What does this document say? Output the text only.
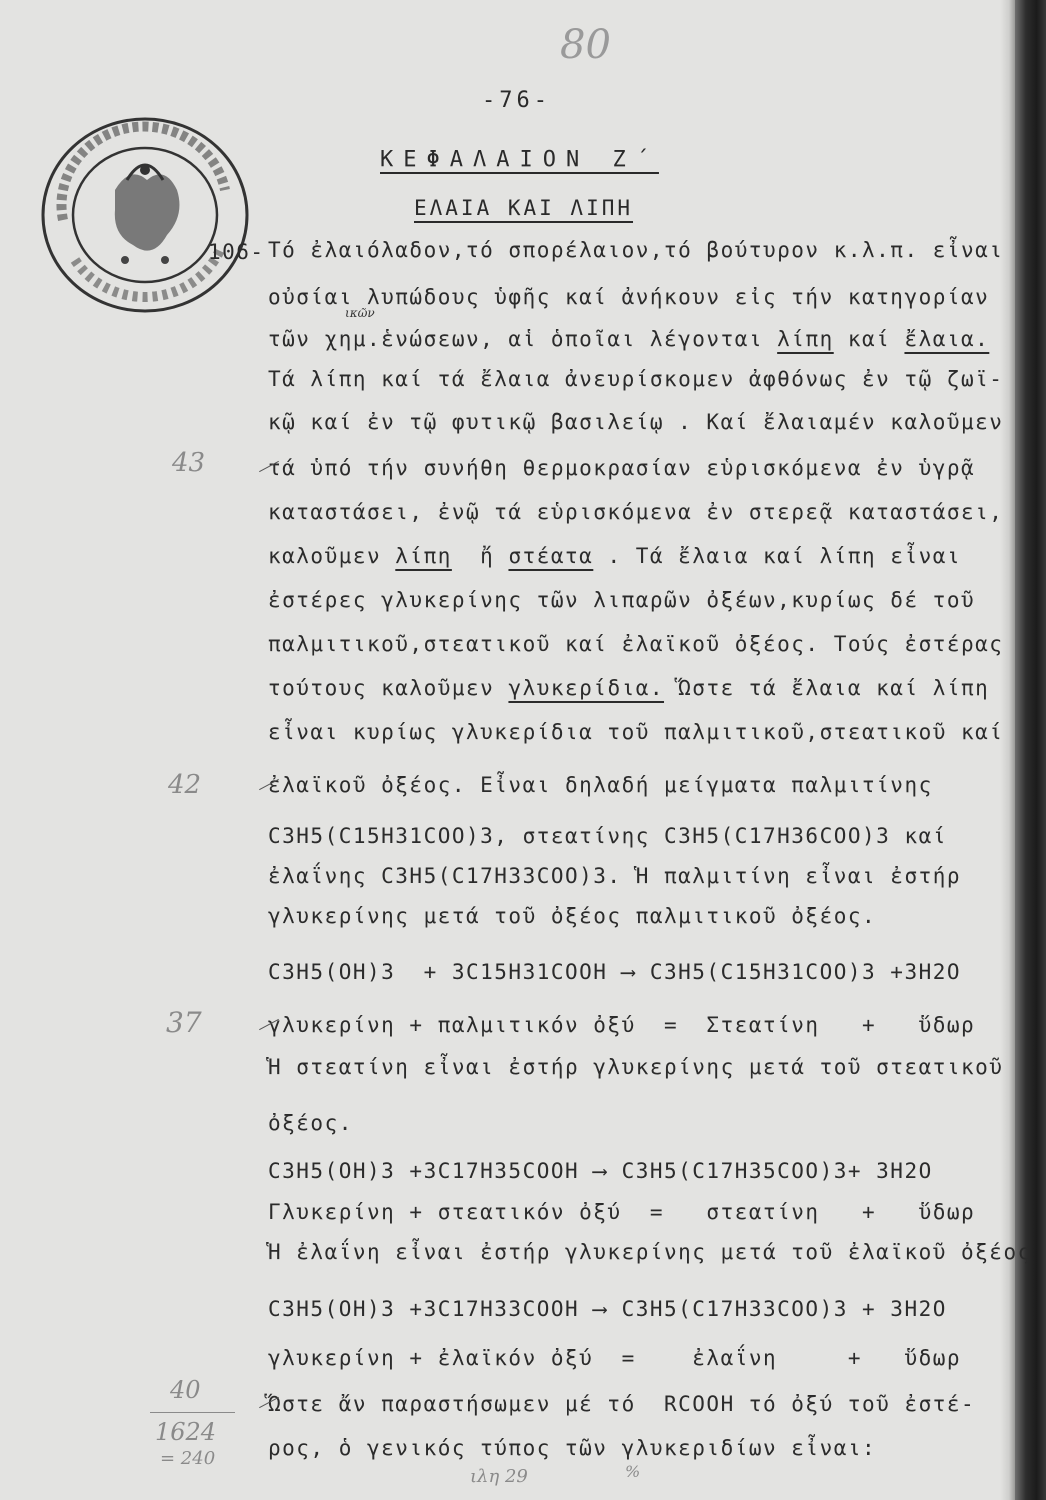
80
-76-
ΚΕΦΑΛΑΙΟΝ Ζ΄
ΕΛΑΙΑ ΚΑΙ ΛΙΠΗ
106- Τό ἐλαιόλαδον,τό σπορέλαιον,τό βούτυρον κ.λ.π. εἶναι
οὐσίαι λυπώδους ὑφῆς καί ἀνήκουν εἰς τήν κατηγορίαν
ικῶν
τῶν χημ.ἑνώσεων, αἱ ὁποῖαι λέγονται λίπη καί ἔλαια.
Τά λίπη καί τά ἔλαια ἀνευρίσκομεν ἀφθόνως ἐν τῷ ζωϊ-
κῷ καί ἐν τῷ φυτικῷ βασιλείῳ . Καί ἔλαιαμέν καλοῦμεν
τά ὑπό τήν συνήθη θερμοκρασίαν εὑρισκόμενα ἐν ὑγρᾷ
καταστάσει, ἐνῷ τά εὑρισκόμενα ἐν στερεᾷ καταστάσει,
καλοῦμεν λίπη  ἤ στέατα . Τά ἔλαια καί λίπη εἶναι
ἐστέρες γλυκερίνης τῶν λιπαρῶν ὀξέων,κυρίως δέ τοῦ
παλμιτικοῦ,στεατικοῦ καί ἐλαϊκοῦ ὀξέος. Τούς ἐστέρας
τούτους καλοῦμεν γλυκερίδια. Ὥστε τά ἔλαια καί λίπη
εἶναι κυρίως γλυκερίδια τοῦ παλμιτικοῦ,στεατικοῦ καί
ἐλαϊκοῦ ὀξέος. Εἶναι δηλαδή μείγματα παλμιτίνης
C3H5(C15H31COO)3, στεατίνης C3H5(C17H36COO)3 καί
ἐλαΐνης C3H5(C17H33COO)3. Ἡ παλμιτίνη εἶναι ἐστήρ
γλυκερίνης μετά τοῦ ὀξέος παλμιτικοῦ ὀξέος.
C3H5(OH)3  + 3C15H31COOH ⟶ C3H5(C15H31COO)3 +3H2O
γλυκερίνη + παλμιτικόν ὀξύ  =  Στεατίνη   +   ὕδωρ
Ἡ στεατίνη εἶναι ἐστήρ γλυκερίνης μετά τοῦ στεατικοῦ
ὀξέος.
C3H5(OH)3 +3C17H35COOH ⟶ C3H5(C17H35COO)3+ 3H2O
Γλυκερίνη + στεατικόν ὀξύ  =   στεατίνη   +   ὕδωρ
Ἡ ἐλαΐνη εἶναι ἐστήρ γλυκερίνης μετά τοῦ ἐλαϊκοῦ ὀξέος
C3H5(OH)3 +3C17H33COOH ⟶ C3H5(C17H33COO)3 + 3H2O
γλυκερίνη + ἐλαϊκόν ὀξύ  =    ἐλαΐνη     +   ὕδωρ
Ὥστε ἄν παραστήσωμεν μέ τό  RCOOH τό ὀξύ τοῦ ἐστέ-
ρος, ὁ γενικός τύπος τῶν γλυκεριδίων εἶναι:
43
42
37
40
1624
= 240
ιλη 29	%
